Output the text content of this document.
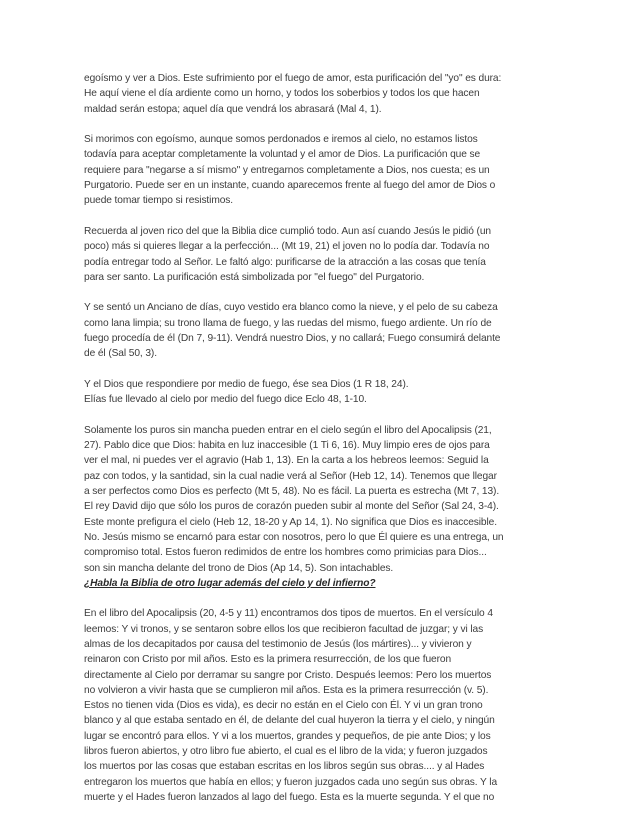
egoísmo y ver a Dios. Este sufrimiento por el fuego de amor, esta purificación del "yo" es dura:
He aquí viene el día ardiente como un horno, y todos los soberbios y todos los que hacen
maldad serán estopa; aquel día que vendrá los abrasará (Mal 4, 1).

Si morimos con egoísmo, aunque somos perdonados e iremos al cielo, no estamos listos
todavía para aceptar completamente la voluntad y el amor de Dios. La purificación que se
requiere para "negarse a sí mismo" y entregarnos completamente a Dios, nos cuesta; es un
Purgatorio. Puede ser en un instante, cuando aparecemos frente al fuego del amor de Dios o
puede tomar tiempo si resistimos.

Recuerda al joven rico del que la Biblia dice cumplió todo. Aun así cuando Jesús le pidió (un
poco) más si quieres llegar a la perfección... (Mt 19, 21) el joven no lo podía dar. Todavía no
podía entregar todo al Señor. Le faltó algo: purificarse de la atracción a las cosas que tenía
para ser santo. La purificación está simbolizada por "el fuego" del Purgatorio.

Y se sentó un Anciano de días, cuyo vestido era blanco como la nieve, y el pelo de su cabeza
como lana limpia; su trono llama de fuego, y las ruedas del mismo, fuego ardiente. Un río de
fuego procedía de él (Dn 7, 9-11). Vendrá nuestro Dios, y no callará; Fuego consumirá delante
de él (Sal 50, 3).

Y el Dios que respondiere por medio de fuego, ése sea Dios (1 R 18, 24).
Elías fue llevado al cielo por medio del fuego dice Eclo 48, 1-10.

Solamente los puros sin mancha pueden entrar en el cielo según el libro del Apocalipsis (21,
27). Pablo dice que Dios: habita en luz inaccesible (1 Ti 6, 16). Muy limpio eres de ojos para
ver el mal, ni puedes ver el agravio (Hab 1, 13). En la carta a los hebreos leemos: Seguid la
paz con todos, y la santidad, sin la cual nadie verá al Señor (Heb 12, 14). Tenemos que llegar
a ser perfectos como Dios es perfecto (Mt 5, 48). No es fácil. La puerta es estrecha (Mt 7, 13).
El rey David dijo que sólo los puros de corazón pueden subir al monte del Señor (Sal 24, 3-4).
Este monte prefigura el cielo (Heb 12, 18-20 y Ap 14, 1). No significa que Dios es inaccesible.
No. Jesús mismo se encarnó para estar con nosotros, pero lo que Él quiere es una entrega, un
compromiso total. Estos fueron redimidos de entre los hombres como primicias para Dios...
son sin mancha delante del trono de Dios (Ap 14, 5). Son intachables.

¿Habla la Biblia de otro lugar además del cielo y del infierno?

En el libro del Apocalipsis (20, 4-5 y 11) encontramos dos tipos de muertos. En el versículo 4
leemos: Y vi tronos, y se sentaron sobre ellos los que recibieron facultad de juzgar; y vi las
almas de los decapitados por causa del testimonio de Jesús (los mártires)... y vivieron y
reinaron con Cristo por mil años. Esto es la primera resurrección, de los que fueron
directamente al Cielo por derramar su sangre por Cristo. Después leemos: Pero los muertos
no volvieron a vivir hasta que se cumplieron mil años. Esta es la primera resurrección (v. 5).
Estos no tienen vida (Dios es vida), es decir no están en el Cielo con Él. Y vi un gran trono
blanco y al que estaba sentado en él, de delante del cual huyeron la tierra y el cielo, y ningún
lugar se encontró para ellos. Y vi a los muertos, grandes y pequeños, de pie ante Dios; y los
libros fueron abiertos, y otro libro fue abierto, el cual es el libro de la vida; y fueron juzgados
los muertos por las cosas que estaban escritas en los libros según sus obras.... y al Hades
entregaron los muertos que había en ellos; y fueron juzgados cada uno según sus obras. Y la
muerte y el Hades fueron lanzados al lago del fuego. Esta es la muerte segunda. Y el que no
